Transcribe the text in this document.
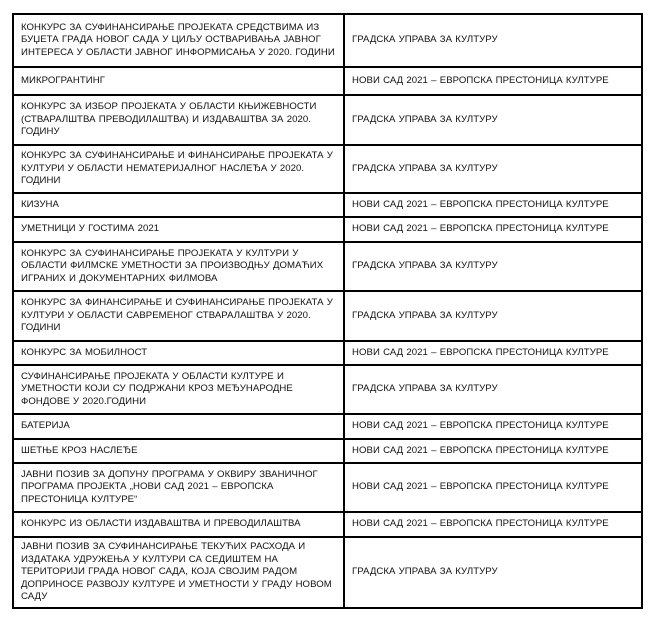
КОНКУРС ЗА СУФИНАНСИРАЊЕ ПРОЈЕКАТА СРЕДСТВИМА ИЗ БУЏЕТА ГРАДА НОВОГ САДА У ЦИЉУ ОСТВАРИВАЊА ЈАВНОГ ИНТЕРЕСА У ОБЛАСТИ ЈАВНОГ ИНФОРМИСАЊА У 2020. ГОДИНИ	ГРАДСКА УПРАВА ЗА КУЛТУРУ
МИКРОГРАНТИНГ	НОВИ САД 2021 – ЕВРОПСКА ПРЕСТОНИЦА КУЛТУРЕ
КОНКУРС ЗА ИЗБОР ПРОЈЕКАТА У ОБЛАСТИ КЊИЖЕВНОСТИ (СТВАРАЛШТВА ПРЕВОДИЛАШТВА) И ИЗДАВАШТВА ЗА 2020. ГОДИНУ	ГРАДСКА УПРАВА ЗА КУЛТУРУ
КОНКУРС ЗА СУФИНАНСИРАЊЕ И ФИНАНСИРАЊЕ ПРОЈЕКАТА У КУЛТУРИ У ОБЛАСТИ НЕМАТЕРИЈАЛНОГ НАСЛЕЂА У 2020. ГОДИНИ	ГРАДСКА УПРАВА ЗА КУЛТУРУ
КИЗУНА	НОВИ САД 2021 – ЕВРОПСКА ПРЕСТОНИЦА КУЛТУРЕ
УМЕТНИЦИ У ГОСТИМА 2021	НОВИ САД 2021 – ЕВРОПСКА ПРЕСТОНИЦА КУЛТУРЕ
КОНКУРС ЗА СУФИНАНСИРАЊЕ ПРОЈЕКАТА У КУЛТУРИ У ОБЛАСТИ ФИЛМСКЕ УМЕТНОСТИ ЗА ПРОИЗВОДЊУ ДОМАЋИХ ИГРАНИХ И ДОКУМЕНТАРНИХ ФИЛМОВА	ГРАДСКА УПРАВА ЗА КУЛТУРУ
КОНКУРС ЗА ФИНАНСИРАЊЕ И СУФИНАНСИРАЊЕ ПРОЈЕКАТА У КУЛТУРИ У ОБЛАСТИ САВРЕМЕНОГ СТВАРАЛАШТВА У 2020. ГОДИНИ	ГРАДСКА УПРАВА ЗА КУЛТУРУ
КОНКУРС ЗА МОБИЛНОСТ	НОВИ САД 2021 – ЕВРОПСКА ПРЕСТОНИЦА КУЛТУРЕ
СУФИНАНСИРАЊЕ ПРОЈЕКАТА У ОБЛАСТИ КУЛТУРЕ И УМЕТНОСТИ КОЈИ СУ ПОДРЖАНИ КРОЗ МЕЂУНАРОДНЕ ФОНДОВЕ У 2020.ГОДИНИ	ГРАДСКА УПРАВА ЗА КУЛТУРУ
БАТЕРИЈА	НОВИ САД 2021 – ЕВРОПСКА ПРЕСТОНИЦА КУЛТУРЕ
ШЕТЊЕ КРОЗ НАСЛЕЂЕ	НОВИ САД 2021 – ЕВРОПСКА ПРЕСТОНИЦА КУЛТУРЕ
ЈАВНИ ПОЗИВ ЗА ДОПУНУ ПРОГРАМА У ОКВИРУ ЗВАНИЧНОГ ПРОГРАМА ПРОЈЕКТА „НОВИ САД 2021 – ЕВРОПСКА ПРЕСТОНИЦА КУЛТУРЕ“	НОВИ САД 2021 – ЕВРОПСКА ПРЕСТОНИЦА КУЛТУРЕ
КОНКУРС ИЗ ОБЛАСТИ ИЗДАВАШТВА И ПРЕВОДИЛАШТВА	НОВИ САД 2021 – ЕВРОПСКА ПРЕСТОНИЦА КУЛТУРЕ
ЈАВНИ ПОЗИВ ЗА СУФИНАНСИРАЊЕ ТЕКУЋИХ РАСХОДА И ИЗДАТАКА УДРУЖЕЊА У КУЛТУРИ СА СЕДИШТЕМ НА ТЕРИТОРИЈИ ГРАДА НОВОГ САДА, КОЈА СВОЈИМ РАДОМ ДОПРИНОСЕ РАЗВОЈУ КУЛТУРЕ И УМЕТНОСТИ У ГРАДУ НОВОМ САДУ	ГРАДСКА УПРАВА ЗА КУЛТУРУ
